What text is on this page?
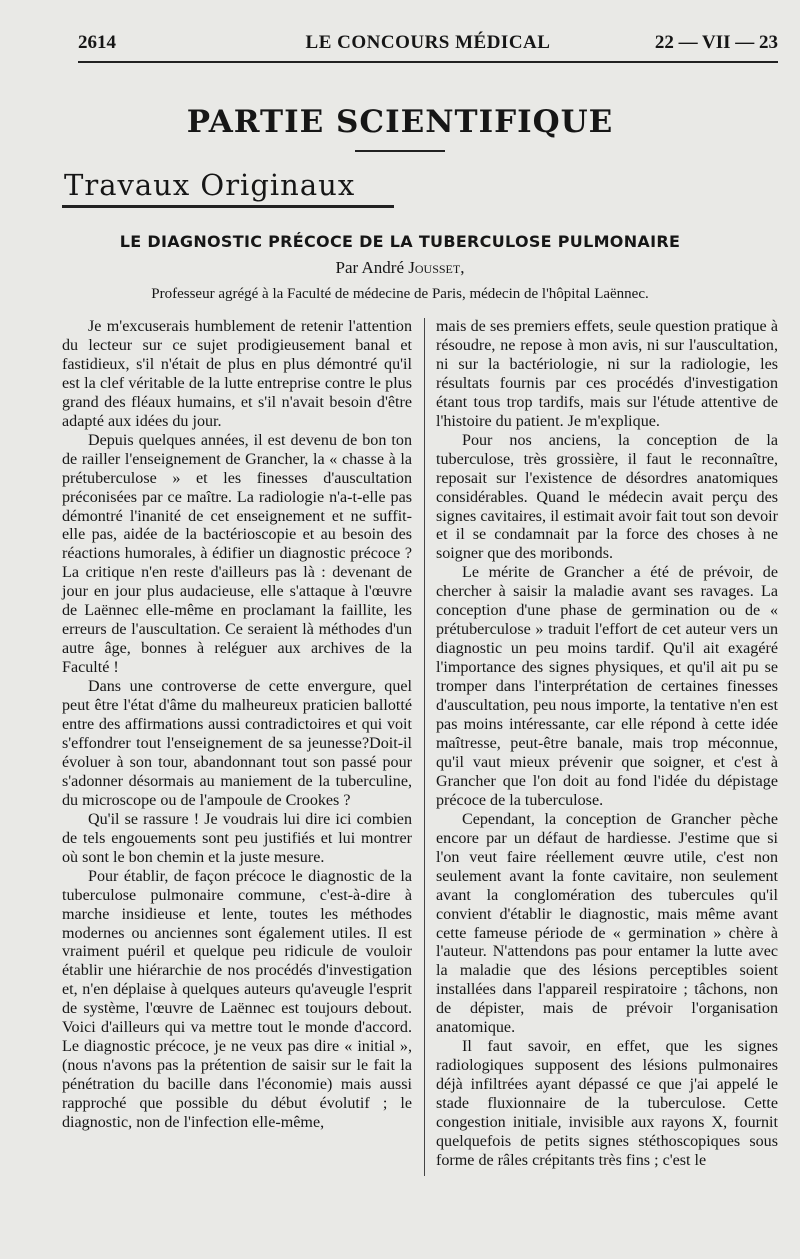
2614	LE CONCOURS MÉDICAL	22 — VII — 23
PARTIE SCIENTIFIQUE
Travaux Originaux
LE DIAGNOSTIC PRÉCOCE DE LA TUBERCULOSE PULMONAIRE
Par André Jousset,
Professeur agrégé à la Faculté de médecine de Paris, médecin de l'hôpital Laënnec.

Je m'excuserais humblement de retenir l'attention du lecteur sur ce sujet prodigieusement banal et fastidieux, s'il n'était de plus en plus démontré qu'il est la clef véritable de la lutte entreprise contre le plus grand des fléaux humains, et s'il n'avait besoin d'être adapté aux idées du jour.

Depuis quelques années, il est devenu de bon ton de railler l'enseignement de Grancher, la « chasse à la prétuberculose » et les finesses d'auscultation préconisées par ce maître. La radiologie n'a-t-elle pas démontré l'inanité de cet enseignement et ne suffit-elle pas, aidée de la bactérioscopie et au besoin des réactions humorales, à édifier un diagnostic précoce ? La critique n'en reste d'ailleurs pas là : devenant de jour en jour plus audacieuse, elle s'attaque à l'œuvre de Laënnec elle-même en proclamant la faillite, les erreurs de l'auscultation. Ce seraient là méthodes d'un autre âge, bonnes à reléguer aux archives de la Faculté !

Dans une controverse de cette envergure, quel peut être l'état d'âme du malheureux praticien ballotté entre des affirmations aussi contradictoires et qui voit s'effondrer tout l'enseignement de sa jeunesse?Doit-il évoluer à son tour, abandonnant tout son passé pour s'adonner désormais au maniement de la tuberculine, du microscope ou de l'ampoule de Crookes ?

Qu'il se rassure ! Je voudrais lui dire ici combien de tels engouements sont peu justifiés et lui montrer où sont le bon chemin et la juste mesure.

Pour établir, de façon précoce le diagnostic de la tuberculose pulmonaire commune, c'est-à-dire à marche insidieuse et lente, toutes les méthodes modernes ou anciennes sont également utiles. Il est vraiment puéril et quelque peu ridicule de vouloir établir une hiérarchie de nos procédés d'investigation et, n'en déplaise à quelques auteurs qu'aveugle l'esprit de système, l'œuvre de Laënnec est toujours debout. Voici d'ailleurs qui va mettre tout le monde d'accord. Le diagnostic précoce, je ne veux pas dire « initial », (nous n'avons pas la prétention de saisir sur le fait la pénétration du bacille dans l'économie) mais aussi rapproché que possible du début évolutif ; le diagnostic, non de l'infection elle-même,

mais de ses premiers effets, seule question pratique à résoudre, ne repose à mon avis, ni sur l'auscultation, ni sur la bactériologie, ni sur la radiologie, les résultats fournis par ces procédés d'investigation étant tous trop tardifs, mais sur l'étude attentive de l'histoire du patient. Je m'explique.

Pour nos anciens, la conception de la tuberculose, très grossière, il faut le reconnaître, reposait sur l'existence de désordres anatomiques considérables. Quand le médecin avait perçu des signes cavitaires, il estimait avoir fait tout son devoir et il se condamnait par la force des choses à ne soigner que des moribonds.

Le mérite de Grancher a été de prévoir, de chercher à saisir la maladie avant ses ravages. La conception d'une phase de germination ou de « prétuberculose » traduit l'effort de cet auteur vers un diagnostic un peu moins tardif. Qu'il ait exagéré l'importance des signes physiques, et qu'il ait pu se tromper dans l'interprétation de certaines finesses d'auscultation, peu nous importe, la tentative n'en est pas moins intéressante, car elle répond à cette idée maîtresse, peut-être banale, mais trop méconnue, qu'il vaut mieux prévenir que soigner, et c'est à Grancher que l'on doit au fond l'idée du dépistage précoce de la tuberculose.

Cependant, la conception de Grancher pèche encore par un défaut de hardiesse. J'estime que si l'on veut faire réellement œuvre utile, c'est non seulement avant la fonte cavitaire, non seulement avant la conglomération des tubercules qu'il convient d'établir le diagnostic, mais même avant cette fameuse période de « germination » chère à l'auteur. N'attendons pas pour entamer la lutte avec la maladie que des lésions perceptibles soient installées dans l'appareil respiratoire ; tâchons, non de dépister, mais de prévoir l'organisation anatomique.

Il faut savoir, en effet, que les signes radiologiques supposent des lésions pulmonaires déjà infiltrées ayant dépassé ce que j'ai appelé le stade fluxionnaire de la tuberculose. Cette congestion initiale, invisible aux rayons X, fournit quelquefois de petits signes stéthoscopiques sous forme de râles crépitants très fins ; c'est le
